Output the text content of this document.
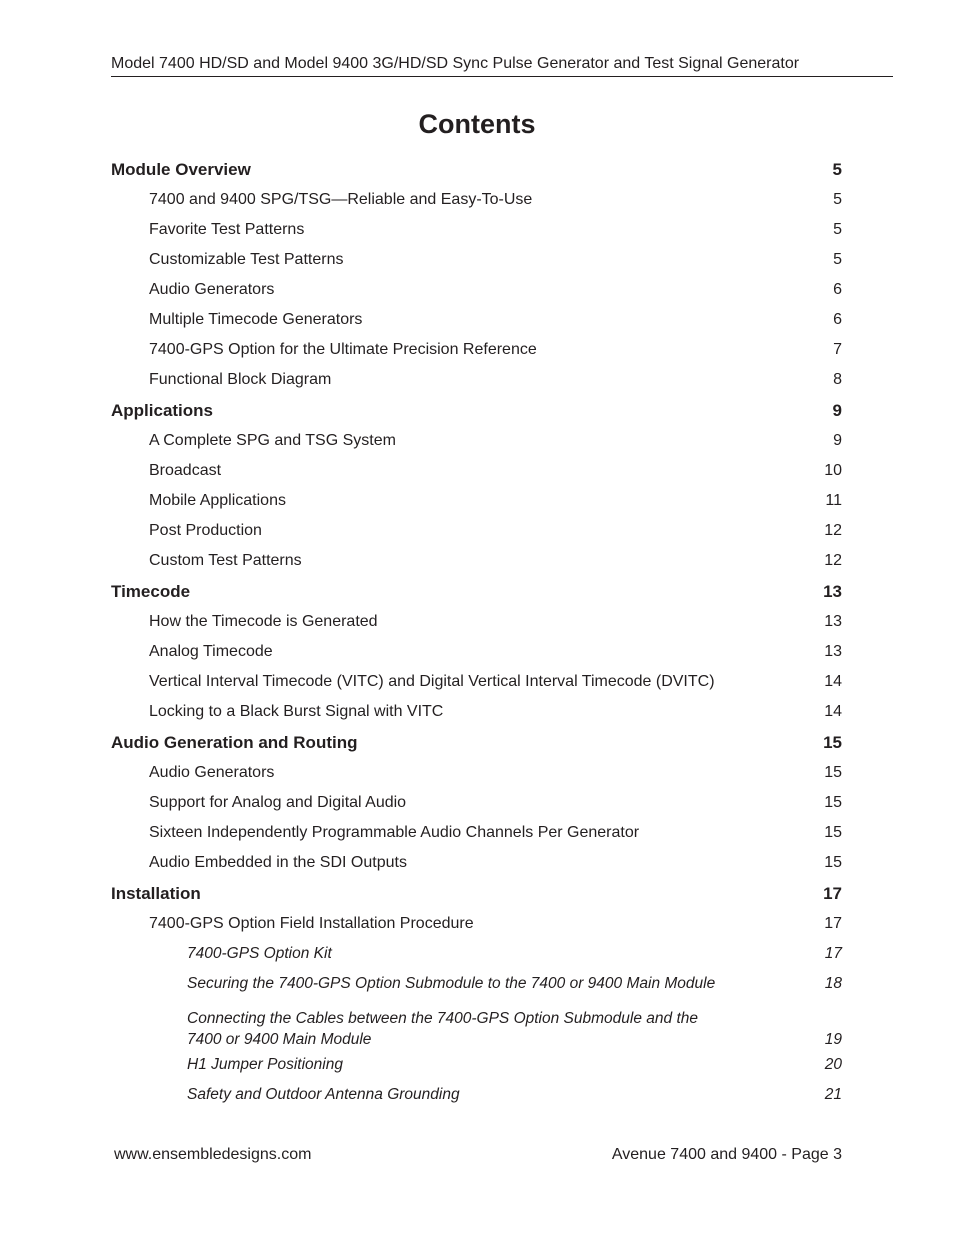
Model 7400 HD/SD and Model 9400 3G/HD/SD Sync Pulse Generator and Test Signal Generator
Contents
Module Overview	5
7400 and 9400 SPG/TSG—Reliable and Easy-To-Use	5
Favorite Test Patterns	5
Customizable Test Patterns	5
Audio Generators	6
Multiple Timecode Generators	6
7400-GPS Option for the Ultimate Precision Reference	7
Functional Block Diagram	8
Applications	9
A Complete SPG and TSG System	9
Broadcast	10
Mobile Applications	11
Post Production	12
Custom Test Patterns	12
Timecode	13
How the Timecode is Generated	13
Analog Timecode	13
Vertical Interval Timecode (VITC) and Digital Vertical Interval Timecode (DVITC)	14
Locking to a Black Burst Signal with VITC	14
Audio Generation and Routing	15
Audio Generators	15
Support for Analog and Digital Audio	15
Sixteen Independently Programmable Audio Channels Per Generator	15
Audio Embedded in the SDI Outputs	15
Installation	17
7400-GPS Option Field Installation Procedure	17
7400-GPS Option Kit	17
Securing the 7400-GPS Option Submodule to the 7400 or 9400 Main Module	18
Connecting the Cables between the 7400-GPS Option Submodule and the 7400 or 9400 Main Module	19
H1 Jumper Positioning	20
Safety and Outdoor Antenna Grounding	21
www.ensembledesigns.com	Avenue 7400 and 9400 - Page 3
